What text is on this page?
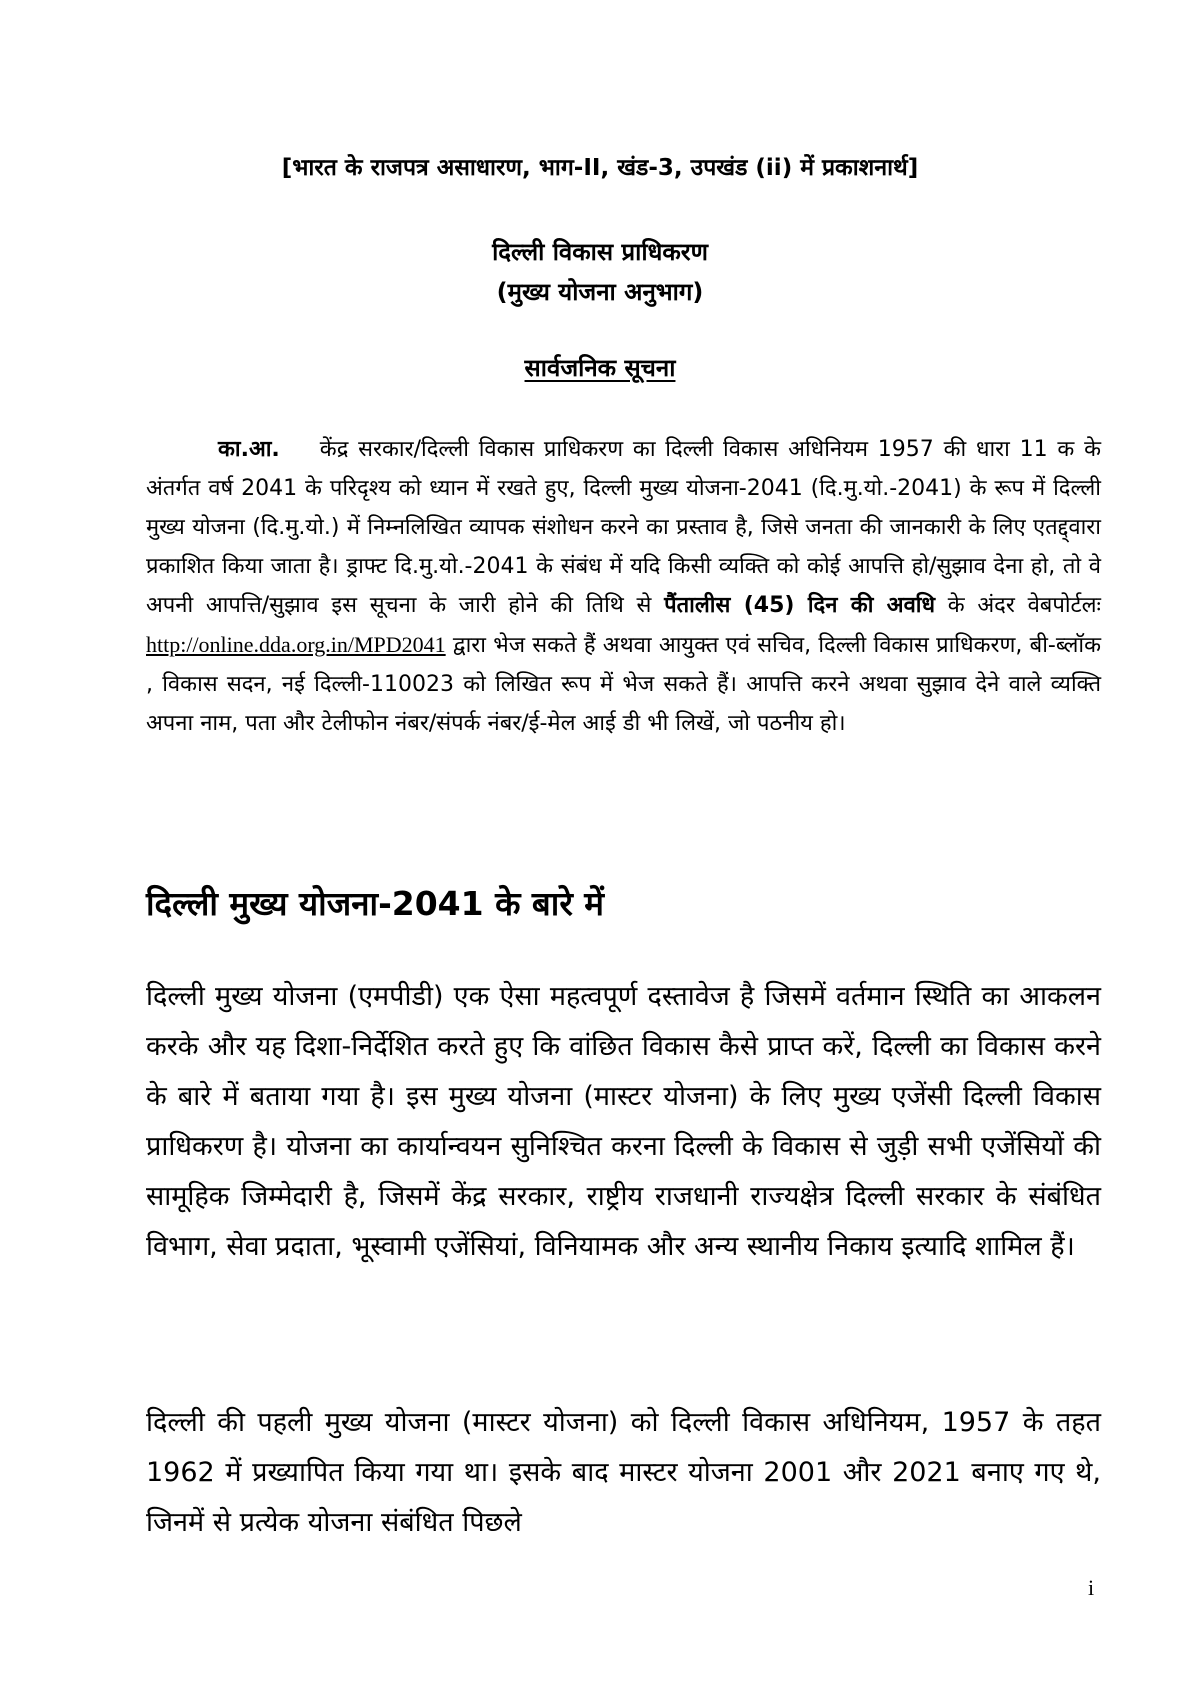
[भारत के राजपत्र असाधारण, भाग-II, खंड-3, उपखंड (ii) में प्रकाशनार्थ]
दिल्ली विकास प्राधिकरण
(मुख्य योजना अनुभाग)
सार्वजनिक सूचना
का.आ. केंद्र सरकार/दिल्ली विकास प्राधिकरण का दिल्ली विकास अधिनियम 1957 की धारा 11 क के अंतर्गत वर्ष 2041 के परिदृश्य को ध्यान में रखते हुए, दिल्ली मुख्य योजना-2041 (दि.मु.यो.-2041) के रूप में दिल्ली मुख्य योजना (दि.मु.यो.) में निम्नलिखित व्यापक संशोधन करने का प्रस्ताव है, जिसे जनता की जानकारी के लिए एतद्द्वारा प्रकाशित किया जाता है। ड्राफ्ट दि.मु.यो.-2041 के संबंध में यदि किसी व्यक्ति को कोई आपत्ति हो/सुझाव देना हो, तो वे अपनी आपत्ति/सुझाव इस सूचना के जारी होने की तिथि से पैंतालीस (45) दिन की अवधि के अंदर वेबपोर्टलः http://online.dda.org.in/MPD2041 द्वारा भेज सकते हैं अथवा आयुक्त एवं सचिव, दिल्ली विकास प्राधिकरण, बी-ब्लॉक , विकास सदन, नई दिल्ली-110023 को लिखित रूप में भेज सकते हैं। आपत्ति करने अथवा सुझाव देने वाले व्यक्ति अपना नाम, पता और टेलीफोन नंबर/संपर्क नंबर/ई-मेल आई डी भी लिखें, जो पठनीय हो।
दिल्ली मुख्य योजना-2041 के बारे में
दिल्ली मुख्य योजना (एमपीडी) एक ऐसा महत्वपूर्ण दस्तावेज है जिसमें वर्तमान स्थिति का आकलन करके और यह दिशा-निर्देशित करते हुए कि वांछित विकास कैसे प्राप्त करें, दिल्ली का विकास करने के बारे में बताया गया है। इस मुख्य योजना (मास्टर योजना) के लिए मुख्य एजेंसी दिल्ली विकास प्राधिकरण है। योजना का कार्यान्वयन सुनिश्चित करना दिल्ली के विकास से जुड़ी सभी एजेंसियों की सामूहिक जिम्मेदारी है, जिसमें केंद्र सरकार, राष्ट्रीय राजधानी राज्यक्षेत्र दिल्ली सरकार के संबंधित विभाग, सेवा प्रदाता, भूस्वामी एजेंसियां, विनियामक और अन्य स्थानीय निकाय इत्यादि शामिल हैं।
दिल्ली की पहली मुख्य योजना (मास्टर योजना) को दिल्ली विकास अधिनियम, 1957 के तहत 1962 में प्रख्यापित किया गया था। इसके बाद मास्टर योजना 2001 और 2021 बनाए गए थे, जिनमें से प्रत्येक योजना संबंधित पिछले
i
